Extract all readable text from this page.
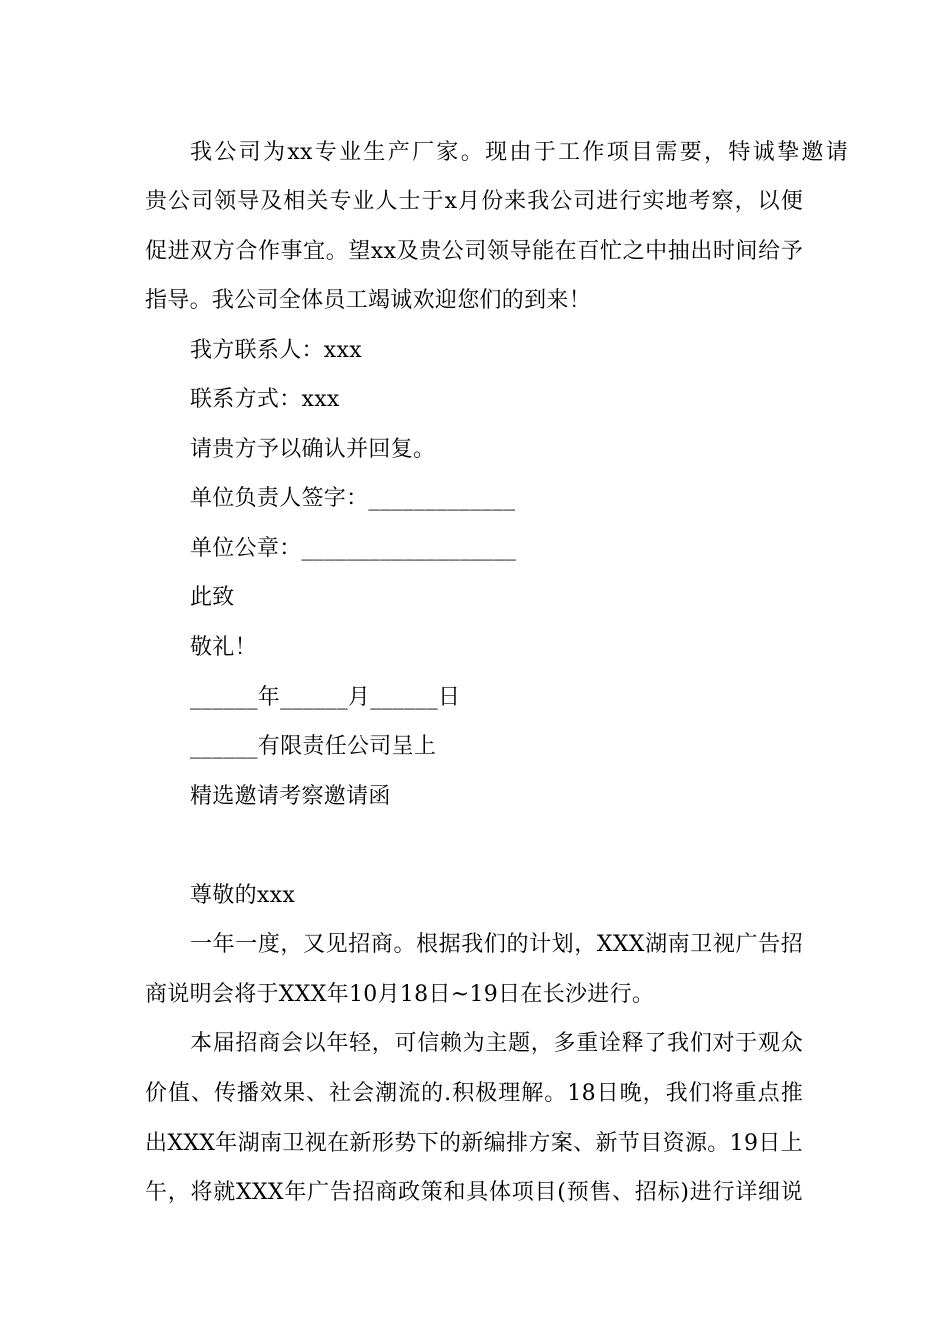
我公司为xx专业生产厂家。现由于工作项目需要，特诚挚邀请
贵公司领导及相关专业人士于x月份来我公司进行实地考察，以便
促进双方合作事宜。望xx及贵公司领导能在百忙之中抽出时间给予
指导。我公司全体员工竭诚欢迎您们的到来！
我方联系人：xxx
联系方式：xxx
请贵方予以确认并回复。
单位负责人签字：_____________
单位公章：___________________
此致
敬礼！
______年______月______日
______有限责任公司呈上
精选邀请考察邀请函
尊敬的xxx
一年一度，又见招商。根据我们的计划，XXX湖南卫视广告招
商说明会将于XXX年10月18日~19日在长沙进行。
本届招商会以年轻，可信赖为主题，多重诠释了我们对于观众
价值、传播效果、社会潮流的.积极理解。18日晚，我们将重点推
出XXX年湖南卫视在新形势下的新编排方案、新节目资源。19日上
午，将就XXX年广告招商政策和具体项目(预售、招标)进行详细说
